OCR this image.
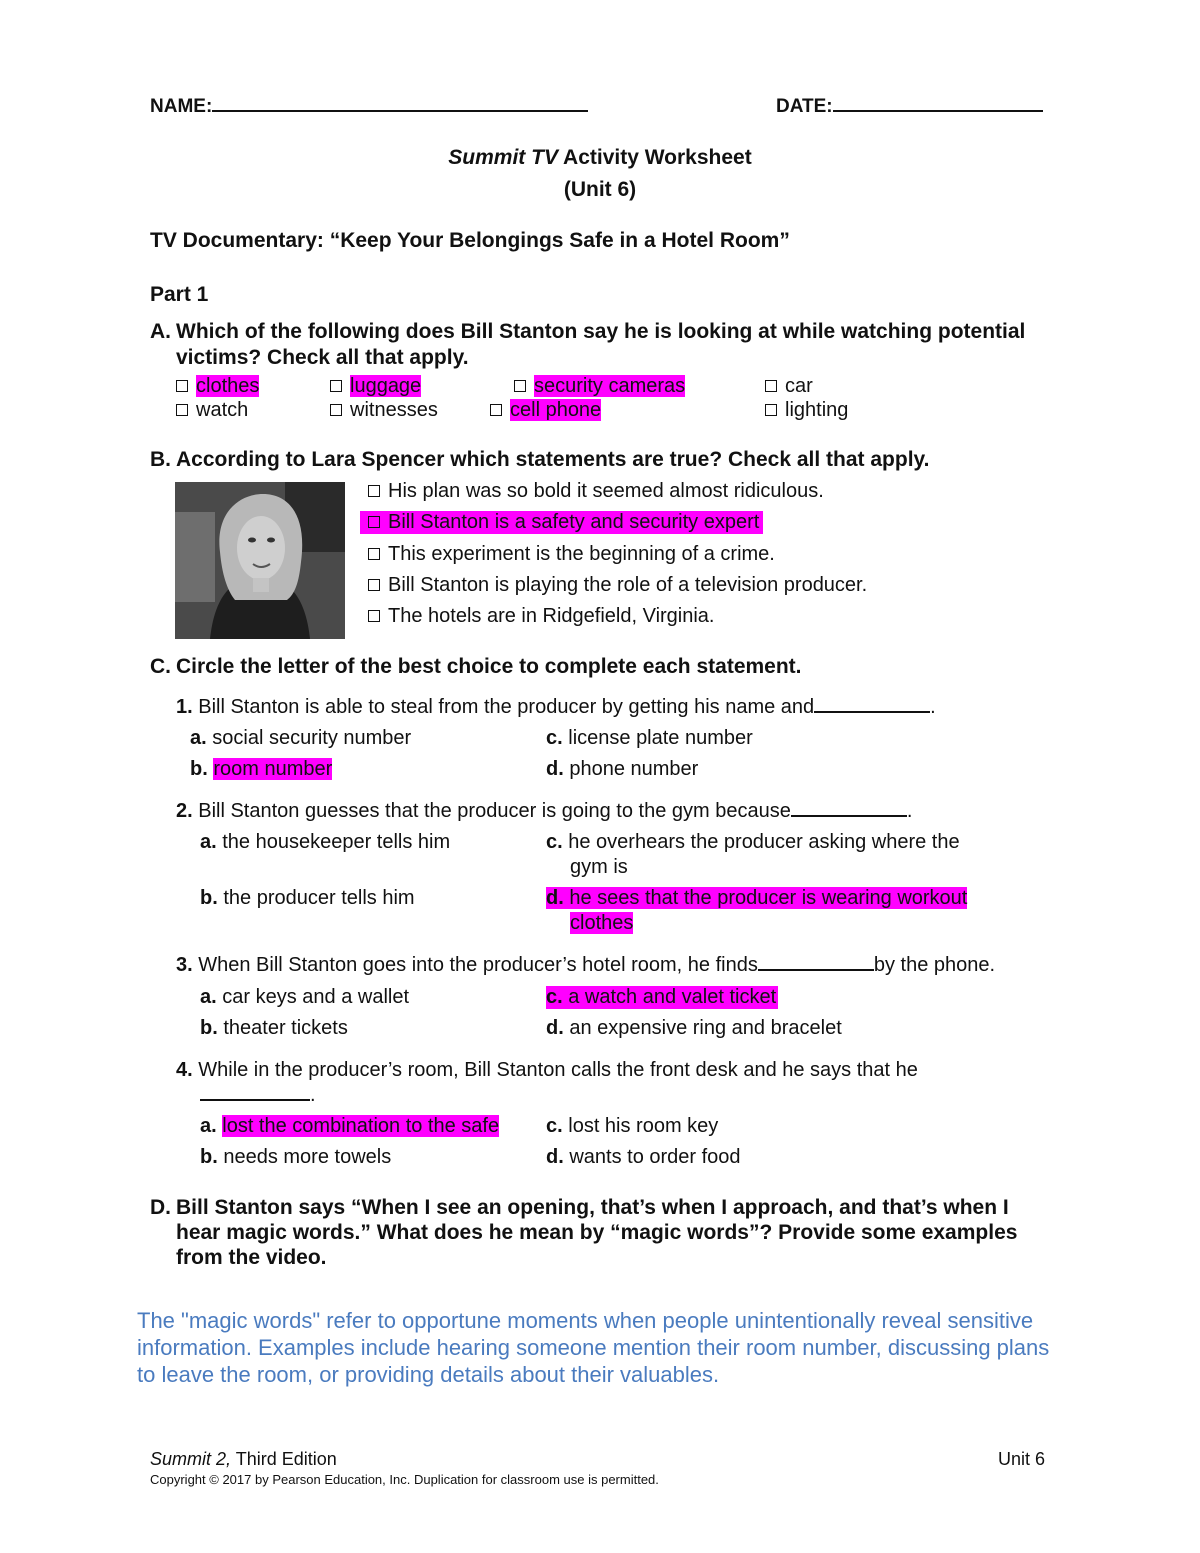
NAME:	DATE:
Summit TV Activity Worksheet
(Unit 6)
TV Documentary: “Keep Your Belongings Safe in a Hotel Room”
Part 1
A. Which of the following does Bill Stanton say he is looking at while watching potential
victims? Check all that apply.
clothes	luggage	security cameras	car
watch	witnesses	cell phone	lighting
B. According to Lara Spencer which statements are true? Check all that apply.
His plan was so bold it seemed almost ridiculous.
Bill Stanton is a safety and security expert
This experiment is the beginning of a crime.
Bill Stanton is playing the role of a television producer.
The hotels are in Ridgefield, Virginia.
C. Circle the letter of the best choice to complete each statement.
1. Bill Stanton is able to steal from the producer by getting his name and	.
a. social security number	c. license plate number
b. room number	d. phone number
2. Bill Stanton guesses that the producer is going to the gym because	.
a. the housekeeper tells him	c. he overhears the producer asking where the
gym is
b. the producer tells him	d. he sees that the producer is wearing workout
clothes
3. When Bill Stanton goes into the producer’s hotel room, he finds	by the phone.
a. car keys and a wallet	c. a watch and valet ticket
b. theater tickets	d. an expensive ring and bracelet
4. While in the producer’s room, Bill Stanton calls the front desk and he says that he
.
a. lost the combination to the safe c. lost his room key
b. needs more towels	d. wants to order food
D. Bill Stanton says “When I see an opening, that’s when I approach, and that’s when I
hear magic words.” What does he mean by “magic words”? Provide some examples
from the video.
The "magic words" refer to opportune moments when people unintentionally reveal sensitive information. Examples include hearing someone mention their room number, discussing plans to leave the room, or providing details about their valuables.
Summit 2, Third Edition	Unit 6
Copyright © 2017 by Pearson Education, Inc. Duplication for classroom use is permitted.
